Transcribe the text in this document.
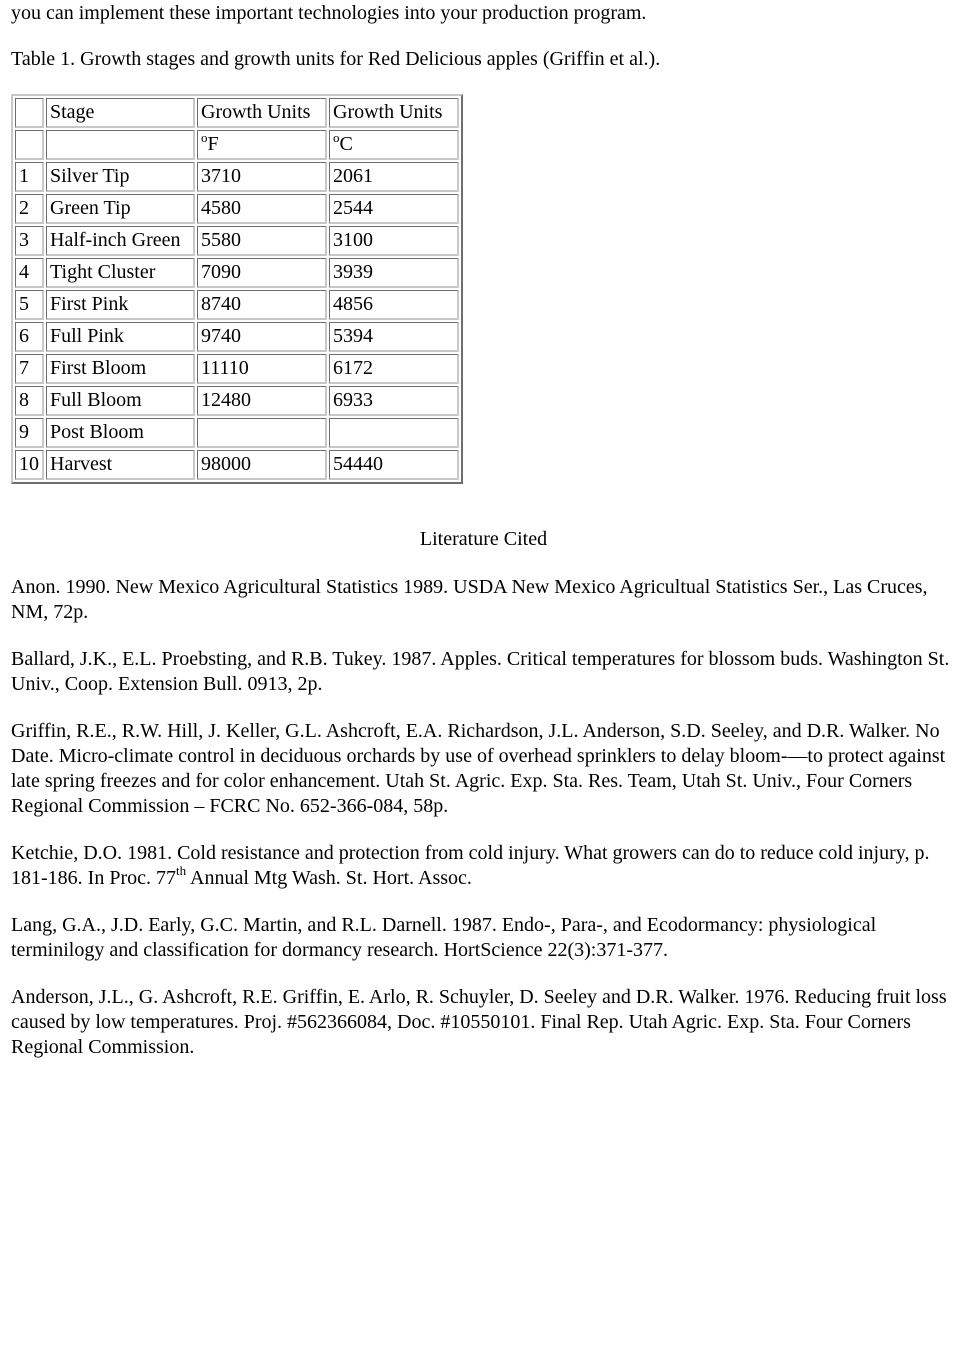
you can implement these important technologies into your production program.

Table 1. Growth stages and growth units for Red Delicious apples (Griffin et al.).

	Stage	Growth Units	Growth Units
		$^o$F	$^o$C
1	Silver Tip	3710	2061
2	Green Tip	4580	2544
3	Half-inch Green	5580	3100
4	Tight Cluster	7090	3939
5	First Pink	8740	4856
6	Full Pink	9740	5394
7	First Bloom	11110	6172
8	Full Bloom	12480	6933
9	Post Bloom		
10	Harvest	98000	54440

Literature Cited

Anon. 1990. New Mexico Agricultural Statistics 1989. USDA New Mexico Agricultual Statistics Ser., Las Cruces, NM, 72p.

Ballard, J.K., E.L. Proebsting, and R.B. Tukey. 1987. Apples. Critical temperatures for blossom buds. Washington St. Univ., Coop. Extension Bull. 0913, 2p.

Griffin, R.E., R.W. Hill, J. Keller, G.L. Ashcroft, E.A. Richardson, J.L. Anderson, S.D. Seeley, and D.R. Walker. No Date. Micro-climate control in deciduous orchards by use of overhead sprinklers to delay bloom-—to protect against late spring freezes and for color enhancement. Utah St. Agric. Exp. Sta. Res. Team, Utah St. Univ., Four Corners Regional Commission – FCRC No. 652-366-084, 58p.

Ketchie, D.O. 1981. Cold resistance and protection from cold injury. What growers can do to reduce cold injury, p. 181-186. In Proc. 77th Annual Mtg Wash. St. Hort. Assoc.

Lang, G.A., J.D. Early, G.C. Martin, and R.L. Darnell. 1987. Endo-, Para-, and Ecodormancy: physiological terminilogy and classification for dormancy research. HortScience 22(3):371-377.

Anderson, J.L., G. Ashcroft, R.E. Griffin, E. Arlo, R. Schuyler, D. Seeley and D.R. Walker. 1976. Reducing fruit loss caused by low temperatures. Proj. #562366084, Doc. #10550101. Final Rep. Utah Agric. Exp. Sta. Four Corners Regional Commission.
